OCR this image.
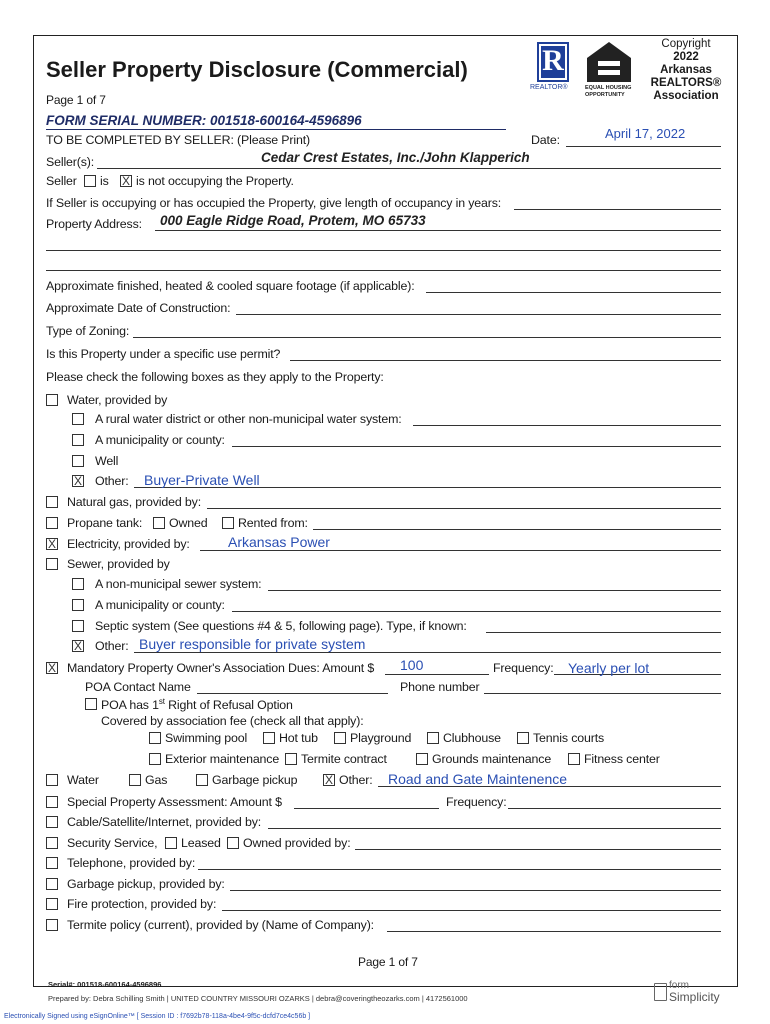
Seller Property Disclosure (Commercial)
Page 1 of 7
R
REALTOR®	EQUAL HOUSING
OPPORTUNITY
Copyright
2022
Arkansas
REALTORS®
Association
FORM SERIAL NUMBER: 001518-600164-4596896
TO BE COMPLETED BY SELLER: (Please Print)	Date:	April 17, 2022
Seller(s):	Cedar Crest Estates, Inc./John Klapperich
Seller is X is not occupying the Property.
If Seller is occupying or has occupied the Property, give length of occupancy in years:
Property Address: 000 Eagle Ridge Road, Protem, MO 65733
Approximate finished, heated & cooled square footage (if applicable):
Approximate Date of Construction:
Type of Zoning:
Is this Property under a specific use permit?
Please check the following boxes as they apply to the Property:
Water, provided by
A rural water district or other non-municipal water system:
A municipality or county:
Well
X Other: Buyer-Private Well
Natural gas, provided by:
Propane tank: Owned Rented from:
X Electricity, provided by:	Arkansas Power
Sewer, provided by
A non-municipal sewer system:
A municipality or county:
Septic system (See questions #4 & 5, following page). Type, if known:
X Other: Buyer responsible for private system
X Mandatory Property Owner's Association Dues: Amount $ 100	Frequency: Yearly per lot
POA Contact Name	Phone number
POA has 1st Right of Refusal Option
Covered by association fee (check all that apply):
Swimming pool	Hot tub	Playground	Clubhouse	Tennis courts
Exterior maintenance Termite contract	Grounds maintenance	Fitness center
Water	Gas	Garbage pickup X Other: Road and Gate Maintenence
Special Property Assessment: Amount $	Frequency:
Cable/Satellite/Internet, provided by:
Security Service, Leased Owned provided by:
Telephone, provided by:
Garbage pickup, provided by:
Fire protection, provided by:
Termite policy (current), provided by (Name of Company):
Page 1 of 7
Serial#: 001518-600164-4596896
Prepared by: Debra Schilling Smith | UNITED COUNTRY MISSOURI OZARKS | debra@coveringtheozarks.com | 4172561000
Electronically Signed using eSignOnline™ [ Session ID : f7692b78-118a-4be4-9f5c-dcfd7ce4c56b ]
form
Simplicity
